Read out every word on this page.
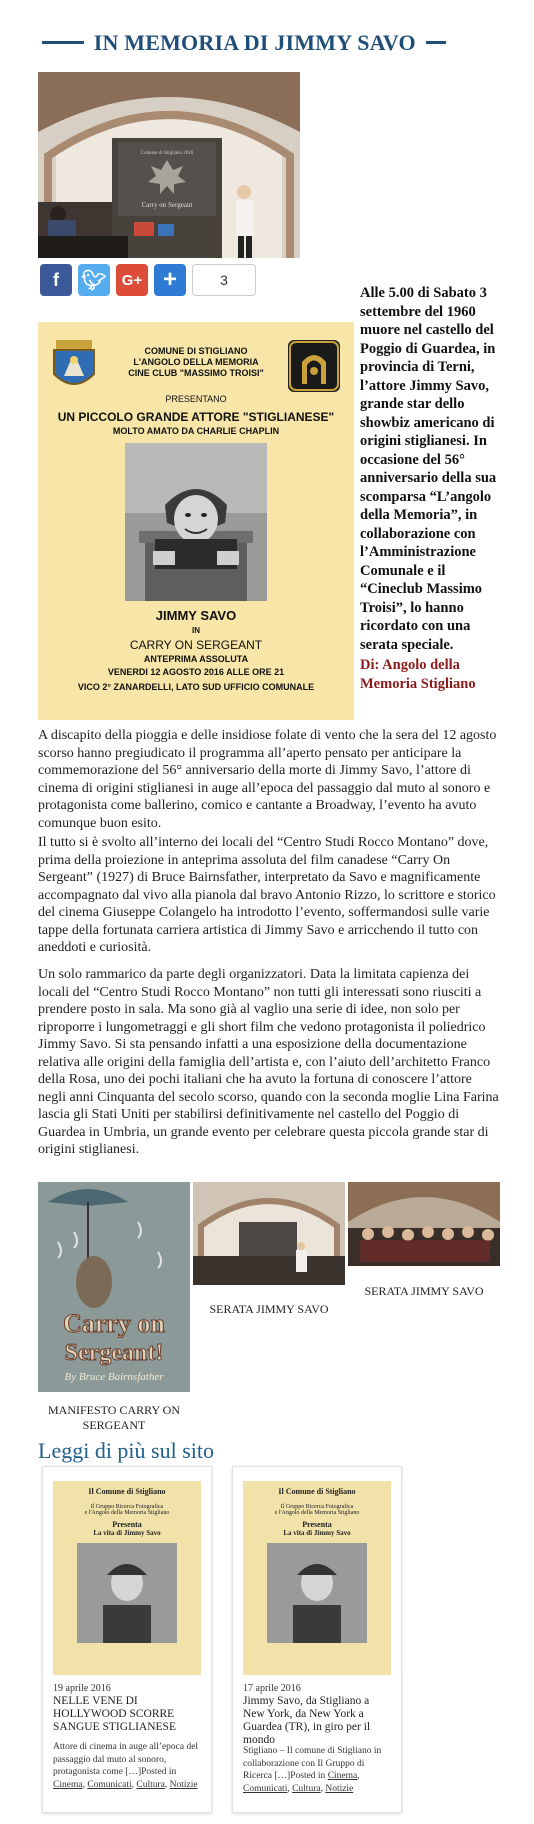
IN MEMORIA DI JIMMY SAVO
Comune di Stigliano 2016
Carry on Sergeant
f 🐦︎ G+ +	3
COMUNE DI STIGLIANO
L'ANGOLO DELLA MEMORIA
CINE CLUB "MASSIMO TROISI"
PRESENTANO
UN PICCOLO GRANDE ATTORE "STIGLIANESE"
MOLTO AMATO DA CHARLIE CHAPLIN
JIMMY SAVO
IN
CARRY ON SERGEANT
ANTEPRIMA ASSOLUTA
VENERDI 12 AGOSTO 2016 ALLE ORE 21
VICO 2° ZANARDELLI, LATO SUD UFFICIO COMUNALE
Alle 5.00 di Sabato 3 settembre del 1960 muore nel castello del Poggio di Guardea, in provincia di Terni, l’attore Jimmy Savo, grande star dello showbiz americano di origini stiglianesi. In occasione del 56° anniversario della sua scomparsa “L’angolo della Memoria”, in collaborazione con l’Amministrazione Comunale e il “Cineclub Massimo Troisi”, lo hanno ricordato con una serata speciale.
Di: Angolo della Memoria Stigliano

A discapito della pioggia e delle insidiose folate di vento che la sera del 12 agosto scorso hanno pregiudicato il programma all’aperto pensato per anticipare la commemorazione del 56° anniversario della morte di Jimmy Savo, l’attore di cinema di origini stiglianesi in auge all’epoca del passaggio dal muto al sonoro e protagonista come ballerino, comico e cantante a Broadway, l’evento ha avuto comunque buon esito.

Il tutto si è svolto all’interno dei locali del “Centro Studi Rocco Montano” dove, prima della proiezione in anteprima assoluta del film canadese “Carry On Sergeant” (1927) di Bruce Bairnsfather, interpretato da Savo e magnificamente accompagnato dal vivo alla pianola dal bravo Antonio Rizzo, lo scrittore e storico del cinema Giuseppe Colangelo ha introdotto l’evento, soffermandosi sulle varie tappe della fortunata carriera artistica di Jimmy Savo e arricchendo il tutto con aneddoti e curiosità.

Un solo rammarico da parte degli organizzatori. Data la limitata capienza dei locali del “Centro Studi Rocco Montano” non tutti gli interessati sono riusciti a prendere posto in sala. Ma sono già al vaglio una serie di idee, non solo per riproporre i lungometraggi e gli short film che vedono protagonista il poliedrico Jimmy Savo. Si sta pensando infatti a una esposizione della documentazione relativa alle origini della famiglia dell’artista e, con l’aiuto dell’architetto Franco della Rosa, uno dei pochi italiani che ha avuto la fortuna di conoscere l’attore negli anni Cinquanta del secolo scorso, quando con la seconda moglie Lina Farina lascia gli Stati Uniti per stabilirsi definitivamente nel castello del Poggio di Guardea in Umbria, un grande evento per celebrare questa piccola grande star di origini stiglianesi.

Carry on
Sergeant!
By Bruce Bairnsfather
MANIFESTO CARRY ON SERGEANT
SERATA JIMMY SAVO
SERATA JIMMY SAVO
Leggi di più sul sito
Il Comune di Stigliano
Il Gruppo Ricerca Fotografica
e l'Angolo della Memoria Stigliano
Presenta
La vita di Jimmy Savo
19 aprile 2016
NELLE VENE DI HOLLYWOOD SCORRE SANGUE STIGLIANESE
Attore di cinema in auge all’epoca del passaggio dal muto al sonoro, protagonista come […]Posted in Cinema, Comunicati, Cultura, Notizie
Il Comune di Stigliano
Il Gruppo Ricerca Fotografica
e l'Angolo della Memoria Stigliano
Presenta
La vita di Jimmy Savo
17 aprile 2016
Jimmy Savo, da Stigliano a New York, da New York a Guardea (TR), in giro per il mondo
Stigliano – Il comune di Stigliano in collaborazione con Il Gruppo di Ricerca […]Posted in Cinema, Comunicati, Cultura, Notizie
